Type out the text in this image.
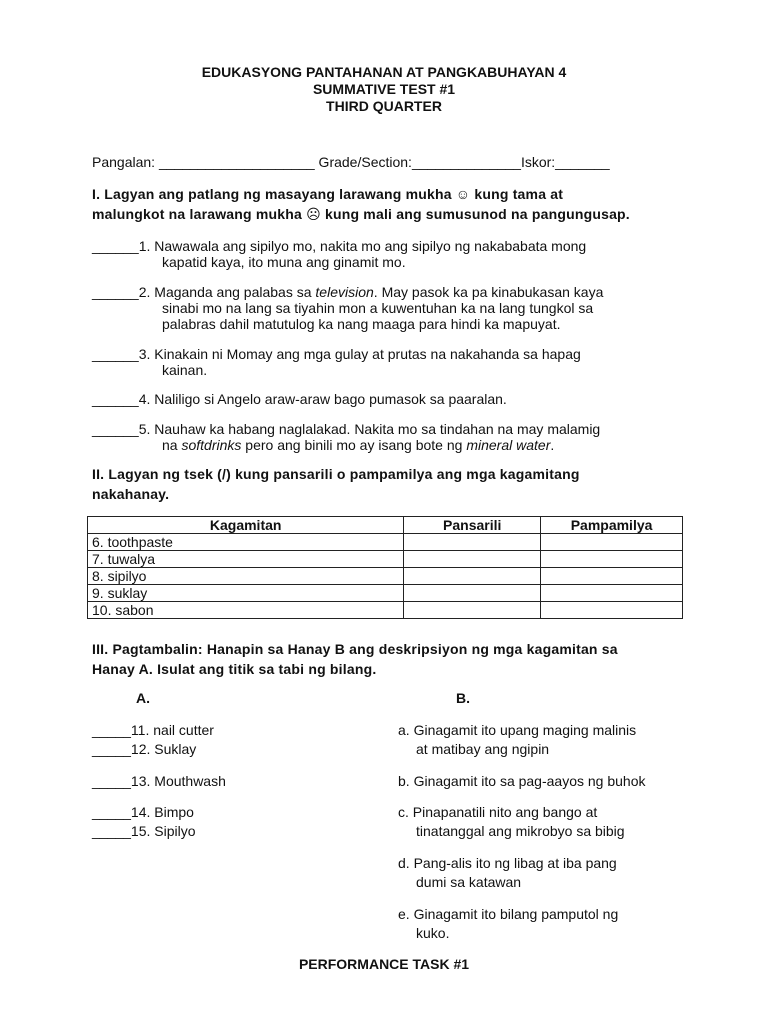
EDUKASYONG PANTAHANAN AT PANGKABUHAYAN 4
SUMMATIVE TEST #1
THIRD QUARTER
Pangalan: ____________________ Grade/Section:______________Iskor:_______
I. Lagyan ang patlang ng masayang larawang mukha ☺ kung tama at
malungkot na larawang mukha ☹ kung mali ang sumusunod na pangungusap.
______1. Nawawala ang sipilyo mo, nakita mo ang sipilyo ng nakababata mong
kapatid kaya, ito muna ang ginamit mo.
______2. Maganda ang palabas sa television. May pasok ka pa kinabukasan kaya
sinabi mo na lang sa tiyahin mon a kuwentuhan ka na lang tungkol sa
palabras dahil matutulog ka nang maaga para hindi ka mapuyat.
______3. Kinakain ni Momay ang mga gulay at prutas na nakahanda sa hapag
kainan.
______4. Naliligo si Angelo araw-araw bago pumasok sa paaralan.
______5. Nauhaw ka habang naglalakad. Nakita mo sa tindahan na may malamig
na softdrinks pero ang binili mo ay isang bote ng mineral water.
II. Lagyan ng tsek (/) kung pansarili o pampamilya ang mga kagamitang
nakahanay.
Kagamitan	Pansarili	Pampamilya
6. toothpaste		
7. tuwalya		
8. sipilyo		
9. suklay		
10. sabon		
III. Pagtambalin: Hanapin sa Hanay B ang deskripsiyon ng mga kagamitan sa
Hanay A. Isulat ang titik sa tabi ng bilang.
A.	B.
_____11. nail cutter
_____12. Suklay
_____13. Mouthwash
_____14. Bimpo
_____15. Sipilyo
a. Ginagamit ito upang maging malinis
at matibay ang ngipin
b. Ginagamit ito sa pag-aayos ng buhok
c. Pinapanatili nito ang bango at
tinatanggal ang mikrobyo sa bibig
d. Pang-alis ito ng libag at iba pang
dumi sa katawan
e. Ginagamit ito bilang pamputol ng
kuko.
PERFORMANCE TASK #1
